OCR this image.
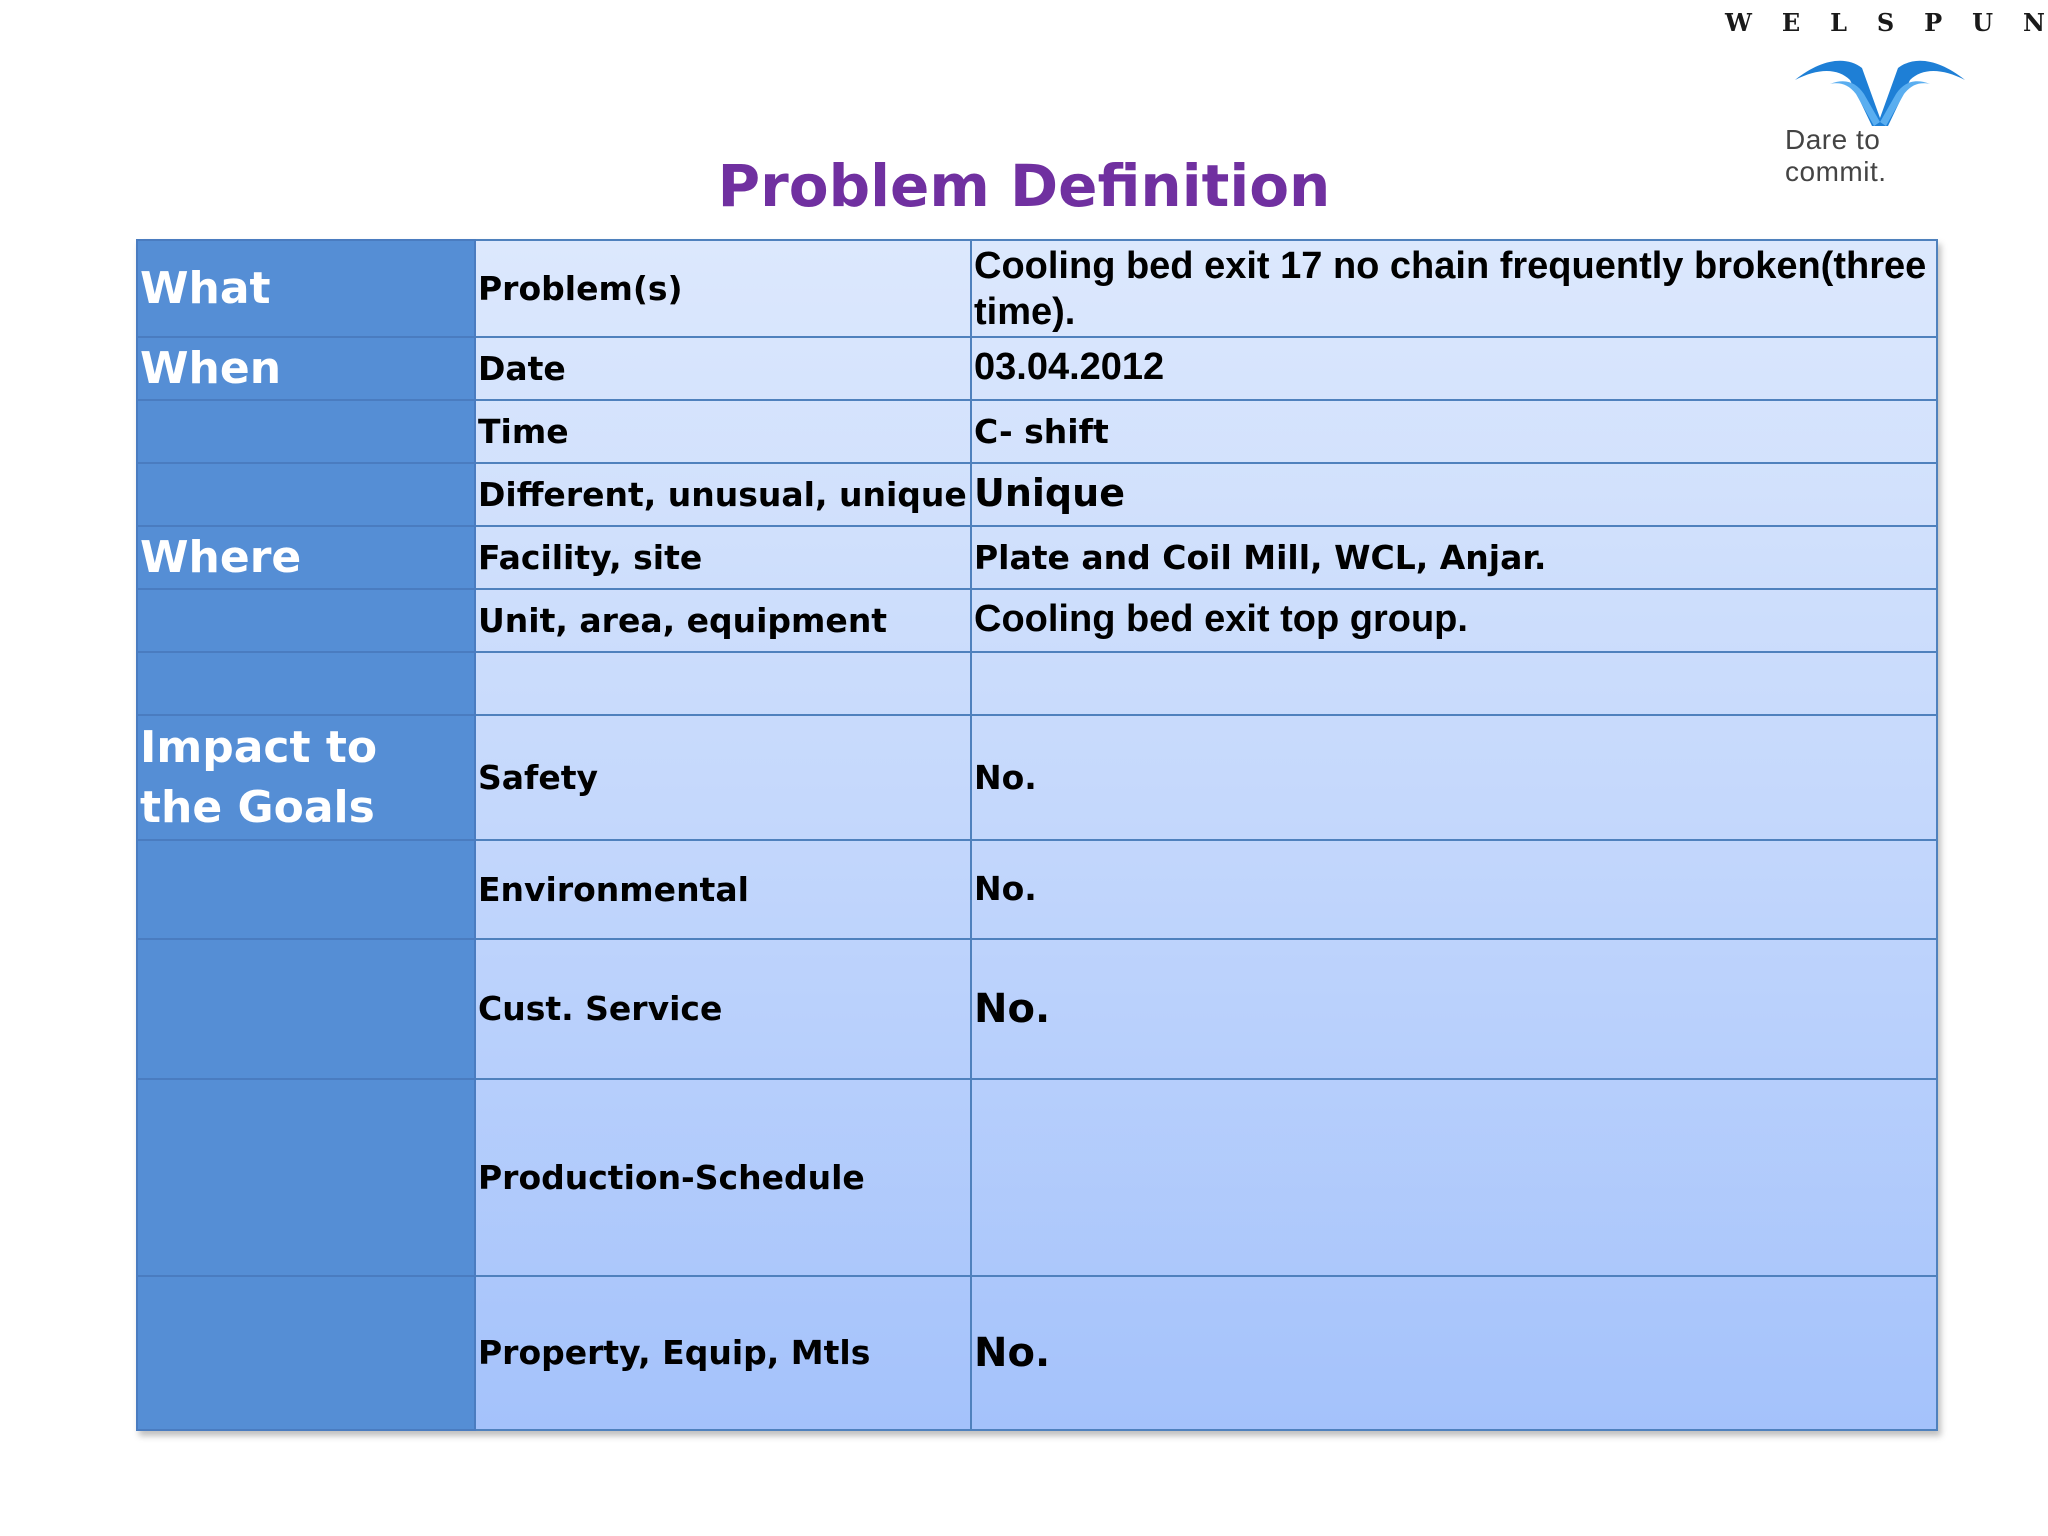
W E L S P U N
Dare to commit.
Problem Definition
What	Problem(s)	Cooling bed exit 17 no chain frequently broken(three time).
When	Date	03.04.2012
	Time	C- shift
	Different, unusual, unique	Unique
Where	Facility, site	Plate and Coil Mill, WCL, Anjar.
	Unit, area, equipment	Cooling bed exit top group.

Impact to the Goals	Safety	No.
	Environmental	No.
	Cust. Service	No.
	Production-Schedule	
	Property, Equip, Mtls	No.
